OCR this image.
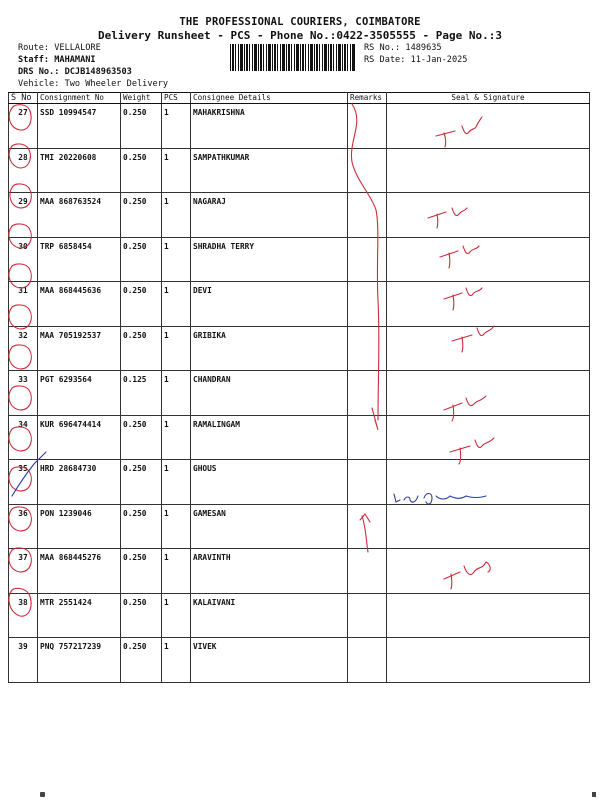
THE PROFESSIONAL COURIERS, COIMBATORE
Delivery Runsheet - PCS - Phone No.:0422-3505555 - Page No.:3
Route: VELLALORE
Staff: MAHAMANI
DRS No.: DCJB148963503
Vehicle: Two Wheeler Delivery
RS No.: 1489635
RS Date: 11-Jan-2025
S No	Consignment No	Weight	PCS	Consignee Details	Remarks	Seal & Signature
27	SSD 10994547	0.250	1	MAHAKRISHNA		
28	TMI 20220608	0.250	1	SAMPATHKUMAR		
29	MAA 868763524	0.250	1	NAGARAJ		
30	TRP 6858454	0.250	1	SHRADHA TERRY		
31	MAA 868445636	0.250	1	DEVI		
32	MAA 705192537	0.250	1	GRIBIKA		
33	PGT 6293564	0.125	1	CHANDRAN		
34	KUR 696474414	0.250	1	RAMALINGAM		
35	HRD 28684730	0.250	1	GHOUS		
36	PON 1239046	0.250	1	GAMESAN		
37	MAA 868445276	0.250	1	ARAVINTH		
38	MTR 2551424	0.250	1	KALAIVANI		
39	PNQ 757217239	0.250	1	VIVEK		
